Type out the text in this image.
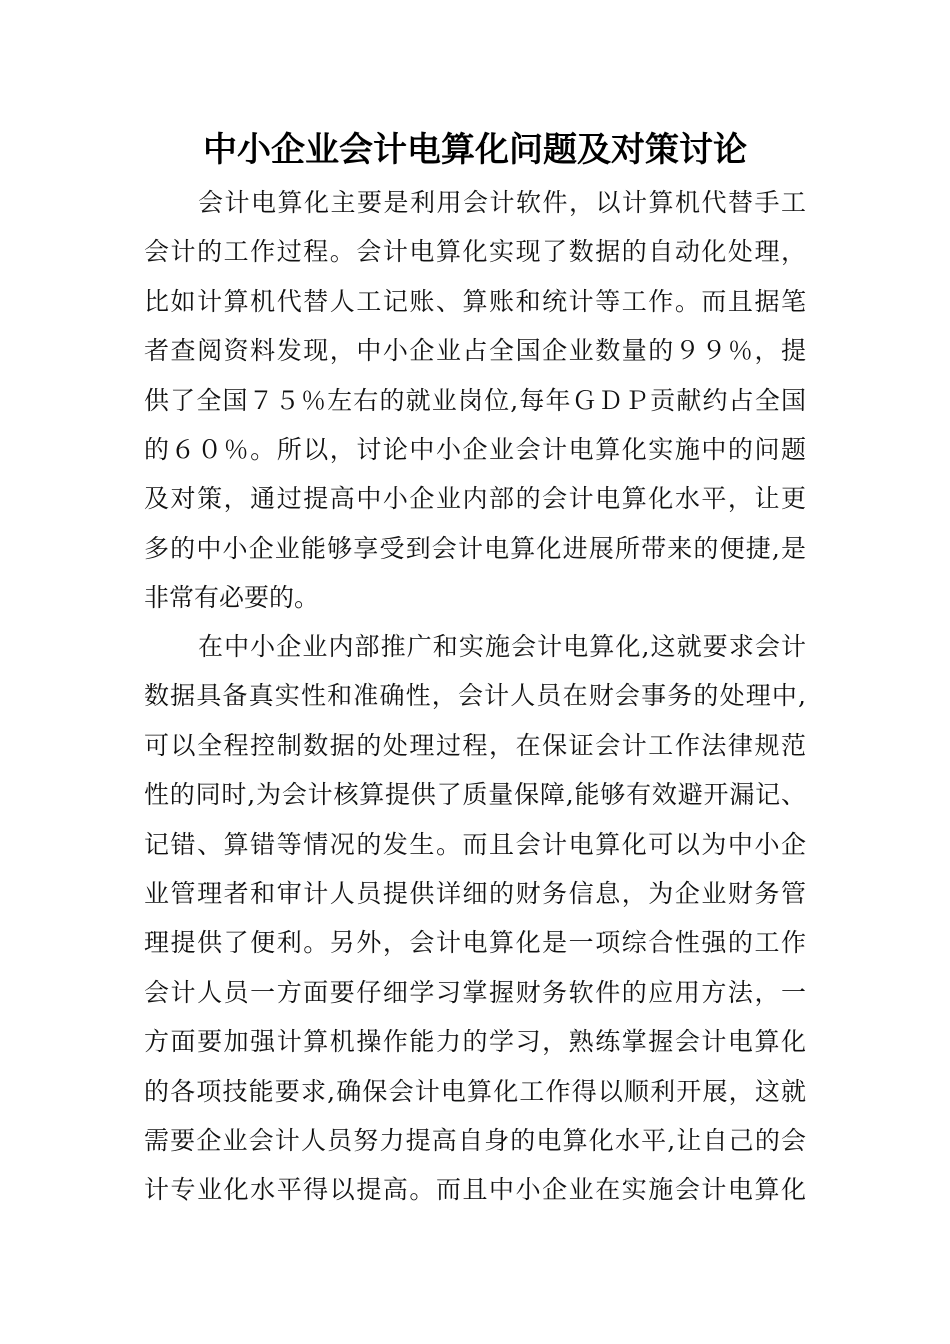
中小企业会计电算化问题及对策讨论
会计电算化主要是利用会计软件，以计算机代替手工
会计的工作过程。会计电算化实现了数据的自动化处理，
比如计算机代替人工记账、算账和统计等工作。而且据笔
者查阅资料发现，中小企业占全国企业数量的９９％，提
供了全国７５％左右的就业岗位,每年ＧＤＰ贡献约占全国
的６０％。所以，讨论中小企业会计电算化实施中的问题
及对策，通过提高中小企业内部的会计电算化水平，让更
多的中小企业能够享受到会计电算化进展所带来的便捷,是
非常有必要的。
在中小企业内部推广和实施会计电算化,这就要求会计
数据具备真实性和准确性，会计人员在财会事务的处理中,
可以全程控制数据的处理过程，在保证会计工作法律规范
性的同时,为会计核算提供了质量保障,能够有效避开漏记、
记错、算错等情况的发生。而且会计电算化可以为中小企
业管理者和审计人员提供详细的财务信息，为企业财务管
理提供了便利。另外，会计电算化是一项综合性强的工作
会计人员一方面要仔细学习掌握财务软件的应用方法，一
方面要加强计算机操作能力的学习，熟练掌握会计电算化
的各项技能要求,确保会计电算化工作得以顺利开展，这就
需要企业会计人员努力提高自身的电算化水平,让自己的会
计专业化水平得以提高。而且中小企业在实施会计电算化
